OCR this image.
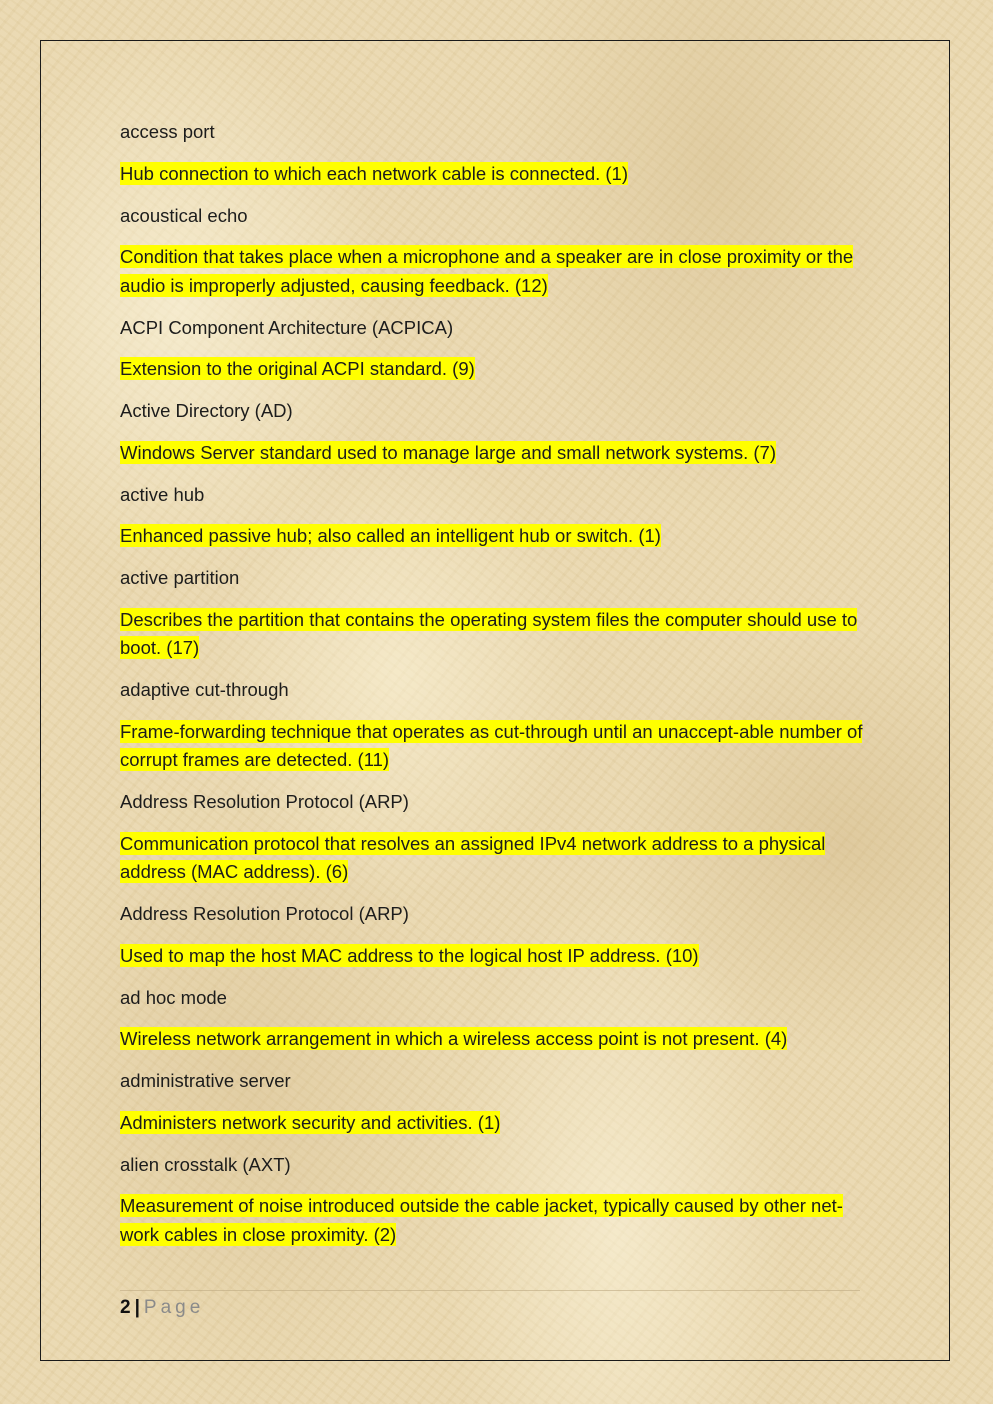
access port

Hub connection to which each network cable is connected. (1)

acoustical echo

Condition that takes place when a microphone and a speaker are in close proximity or the audio is improperly adjusted, causing feedback. (12)

ACPI Component Architecture (ACPICA)

Extension to the original ACPI standard. (9)

Active Directory (AD)

Windows Server standard used to manage large and small network systems. (7)

active hub

Enhanced passive hub; also called an intelligent hub or switch. (1)

active partition

Describes the partition that contains the operating system files the computer should use to boot. (17)

adaptive cut-through

Frame-forwarding technique that operates as cut-through until an unaccept-able number of corrupt frames are detected. (11)

Address Resolution Protocol (ARP)

Communication protocol that resolves an assigned IPv4 network address to a physical address (MAC address). (6)

Address Resolution Protocol (ARP)

Used to map the host MAC address to the logical host IP address. (10)

ad hoc mode

Wireless network arrangement in which a wireless access point is not present. (4)

administrative server

Administers network security and activities. (1)

alien crosstalk (AXT)

Measurement of noise introduced outside the cable jacket, typically caused by other net-work cables in close proximity. (2)

2 | Page
